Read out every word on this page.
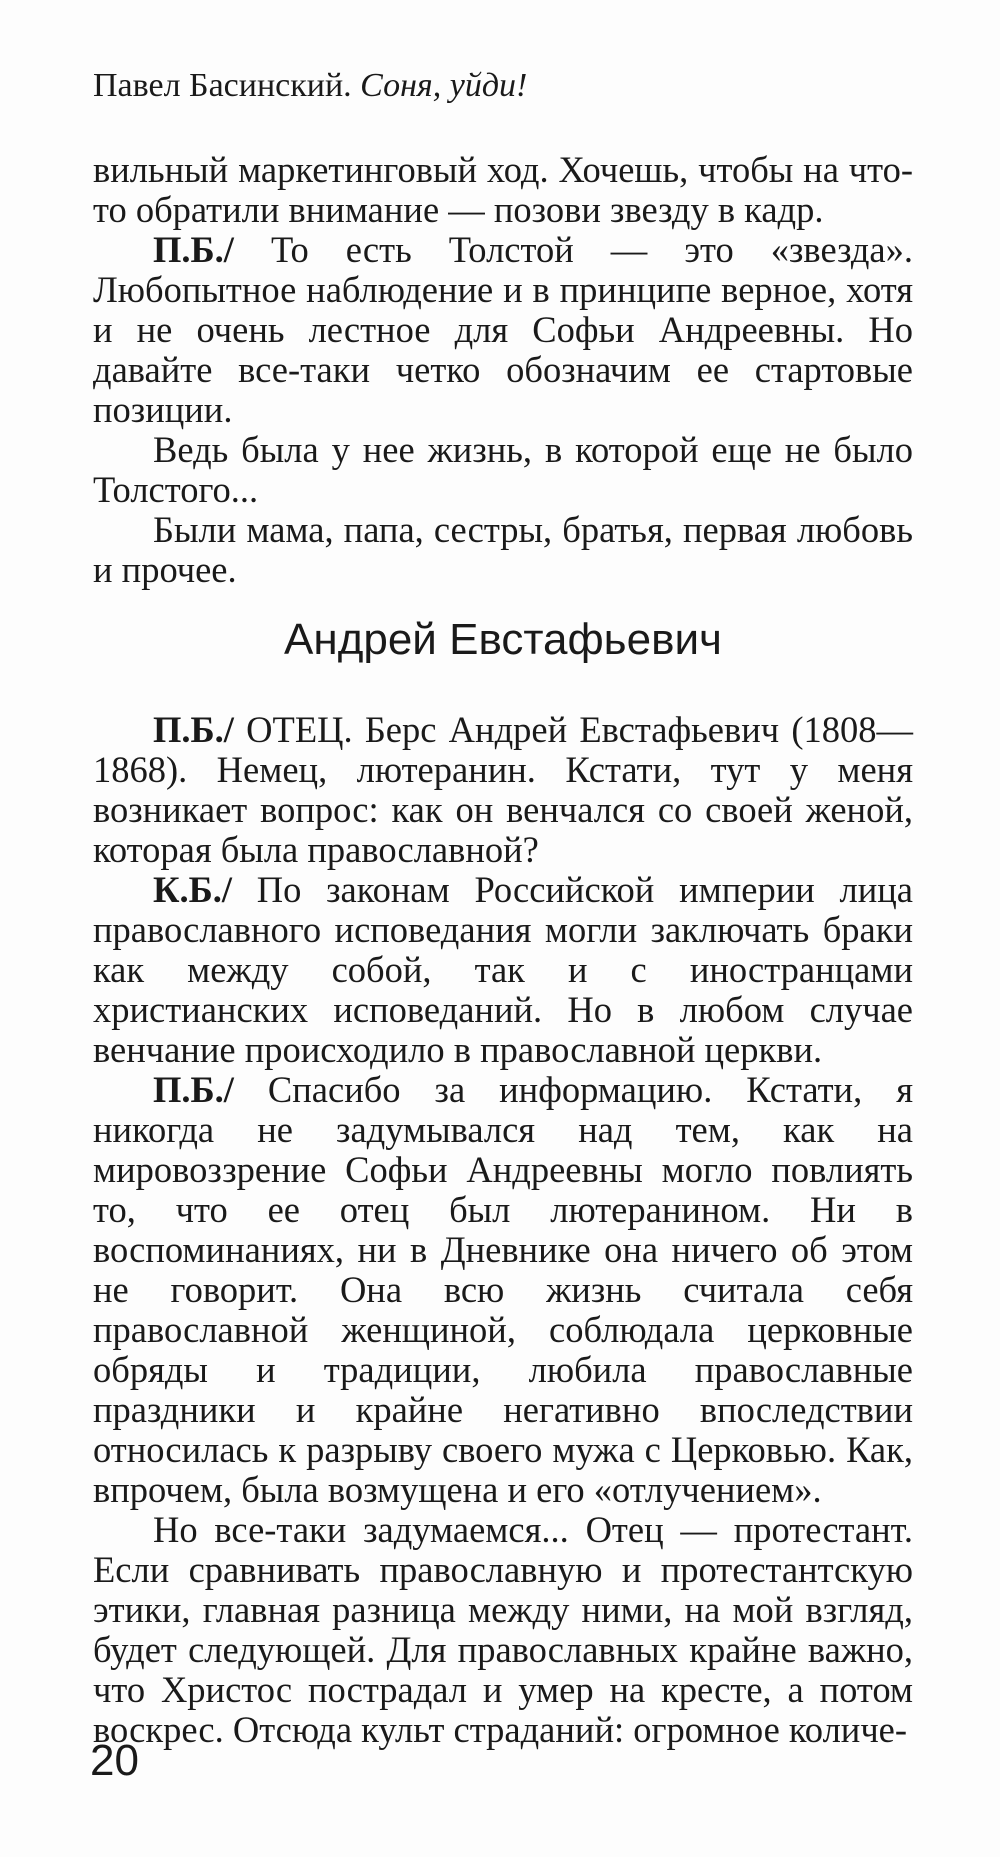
Павел Басинский. Соня, уйди!

вильный маркетинговый ход. Хочешь, чтобы на что-то обратили внимание — позови звезду в кадр.

П.Б./ То есть Толстой — это «звезда». Любопытное наблюдение и в принципе верное, хотя и не очень лестное для Софьи Андреевны. Но давайте все-таки четко обозначим ее стартовые позиции.

Ведь была у нее жизнь, в которой еще не было Толстого...

Были мама, папа, сестры, братья, первая любовь и прочее.

Андрей Евстафьевич

П.Б./ ОТЕЦ. Берс Андрей Евстафьевич (1808—1868). Немец, лютеранин. Кстати, тут у меня возникает вопрос: как он венчался со своей женой, которая была православной?

К.Б./ По законам Российской империи лица православного исповедания могли заключать браки как между собой, так и с иностранцами христианских исповеданий. Но в любом случае венчание происходило в православной церкви.

П.Б./ Спасибо за информацию. Кстати, я никогда не задумывался над тем, как на мировоззрение Софьи Андреевны могло повлиять то, что ее отец был лютеранином. Ни в воспоминаниях, ни в Дневнике она ничего об этом не говорит. Она всю жизнь считала себя православной женщиной, соблюдала церковные обряды и традиции, любила православные праздники и крайне негативно впоследствии относилась к разрыву своего мужа с Церковью. Как, впрочем, была возмущена и его «отлучением».

Но все-таки задумаемся... Отец — протестант. Если сравнивать православную и протестантскую этики, главная разница между ними, на мой взгляд, будет следующей. Для православных крайне важно, что Христос пострадал и умер на кресте, а потом воскрес. Отсюда культ страданий: огромное количе-

20
